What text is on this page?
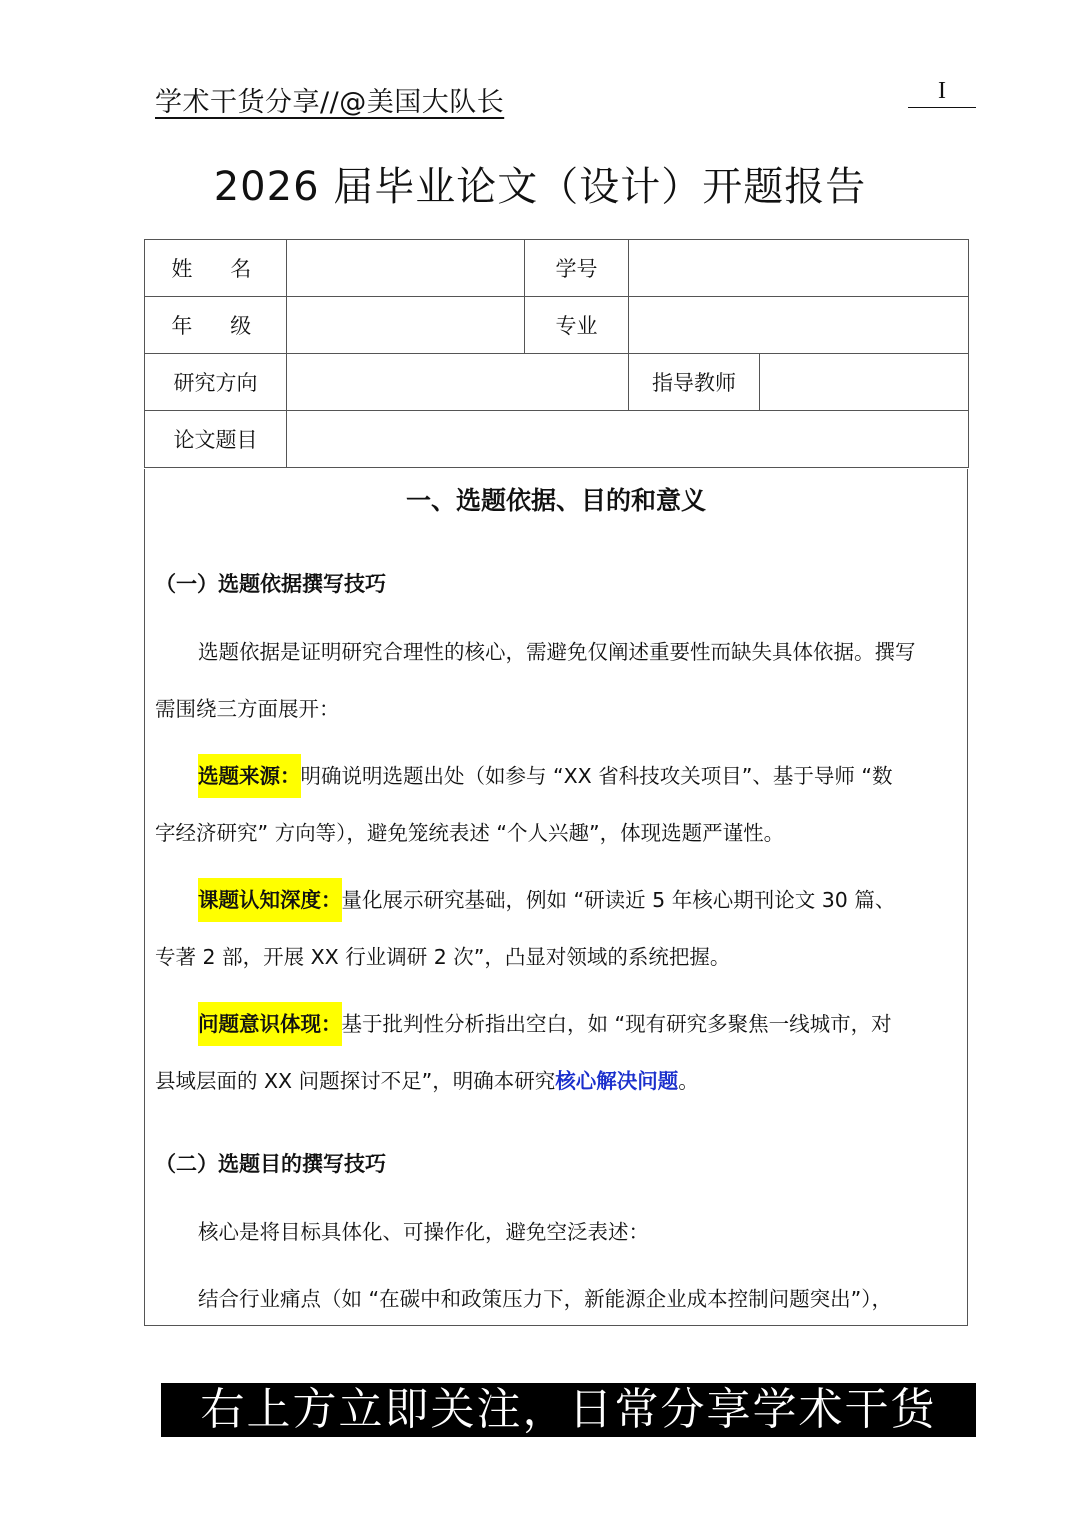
学术干货分享//@美国大队长	I
2026 届毕业论文（设计）开题报告
姓　名		学号		
年　级		专业		
研究方向			指导教师	
论文题目				
一、选题依据、目的和意义
（一）选题依据撰写技巧
选题依据是证明研究合理性的核心，需避免仅阐述重要性而缺失具体依据。撰写
需围绕三方面展开：
选题来源：明确说明选题出处（如参与 “XX 省科技攻关项目”、基于导师 “数
字经济研究” 方向等），避免笼统表述 “个人兴趣”，体现选题严谨性。
课题认知深度：量化展示研究基础，例如 “研读近 5 年核心期刊论文 30 篇、
专著 2 部，开展 XX 行业调研 2 次”，凸显对领域的系统把握。
问题意识体现：基于批判性分析指出空白，如 “现有研究多聚焦一线城市，对
县域层面的 XX 问题探讨不足”，明确本研究核心解决问题。
（二）选题目的撰写技巧
核心是将目标具体化、可操作化，避免空泛表述：
结合行业痛点（如 “在碳中和政策压力下，新能源企业成本控制问题突出”），
右上方立即关注，日常分享学术干货
